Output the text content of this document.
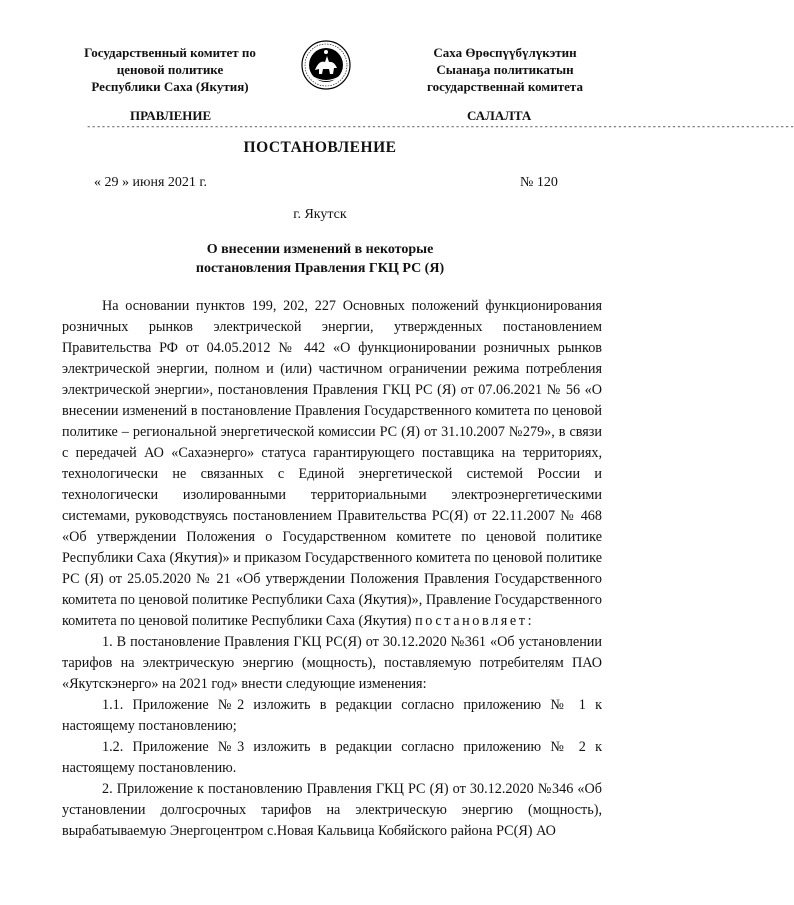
Государственный комитет по
ценовой политике
Республики Саха (Якутия)
Саха Өрөспүүбүлүкэтин
Сыанаҕа политикатын
государственнай комитета
ПРАВЛЕНИЕ	САЛАЛТА
------------------------------------------------------------------------------------------------------------------------------------------------
ПОСТАНОВЛЕНИЕ
« 29 » июня 2021 г.	№ 120
г. Якутск
О внесении изменений в некоторые
постановления Правления ГКЦ РС (Я)

На основании пунктов 199, 202, 227 Основных положений функционирования розничных рынков электрической энергии, утвержденных постановлением Правительства РФ от 04.05.2012 № 442 «О функционировании розничных рынков электрической энергии, полном и (или) частичном ограничении режима потребления электрической энергии», постановления Правления ГКЦ РС (Я) от 07.06.2021 № 56 «О внесении изменений в постановление Правления Государственного комитета по ценовой политике – региональной энергетической комиссии РС (Я) от 31.10.2007 №279», в связи с передачей АО «Сахаэнерго» статуса гарантирующего поставщика на территориях, технологически не связанных с Единой энергетической системой России и технологически изолированными территориальными электроэнергетическими системами, руководствуясь постановлением Правительства РС(Я) от 22.11.2007 № 468 «Об утверждении Положения о Государственном комитете по ценовой политике Республики Саха (Якутия)» и приказом Государственного комитета по ценовой политике РС (Я) от 25.05.2020 № 21 «Об утверждении Положения Правления Государственного комитета по ценовой политике Республики Саха (Якутия)», Правление Государственного комитета по ценовой политике Республики Саха (Якутия) постановляет:

1. В постановление Правления ГКЦ РС(Я) от 30.12.2020 №361 «Об установлении тарифов на электрическую энергию (мощность), поставляемую потребителям ПАО «Якутскэнерго» на 2021 год» внести следующие изменения:

1.1. Приложение №2 изложить в редакции согласно приложению № 1 к настоящему постановлению;

1.2. Приложение №3 изложить в редакции согласно приложению № 2 к настоящему постановлению.

2. Приложение к постановлению Правления ГКЦ РС (Я) от 30.12.2020 №346 «Об установлении долгосрочных тарифов на электрическую энергию (мощность), вырабатываемую Энергоцентром с.Новая Кальвица Кобяйского района РС(Я) АО
